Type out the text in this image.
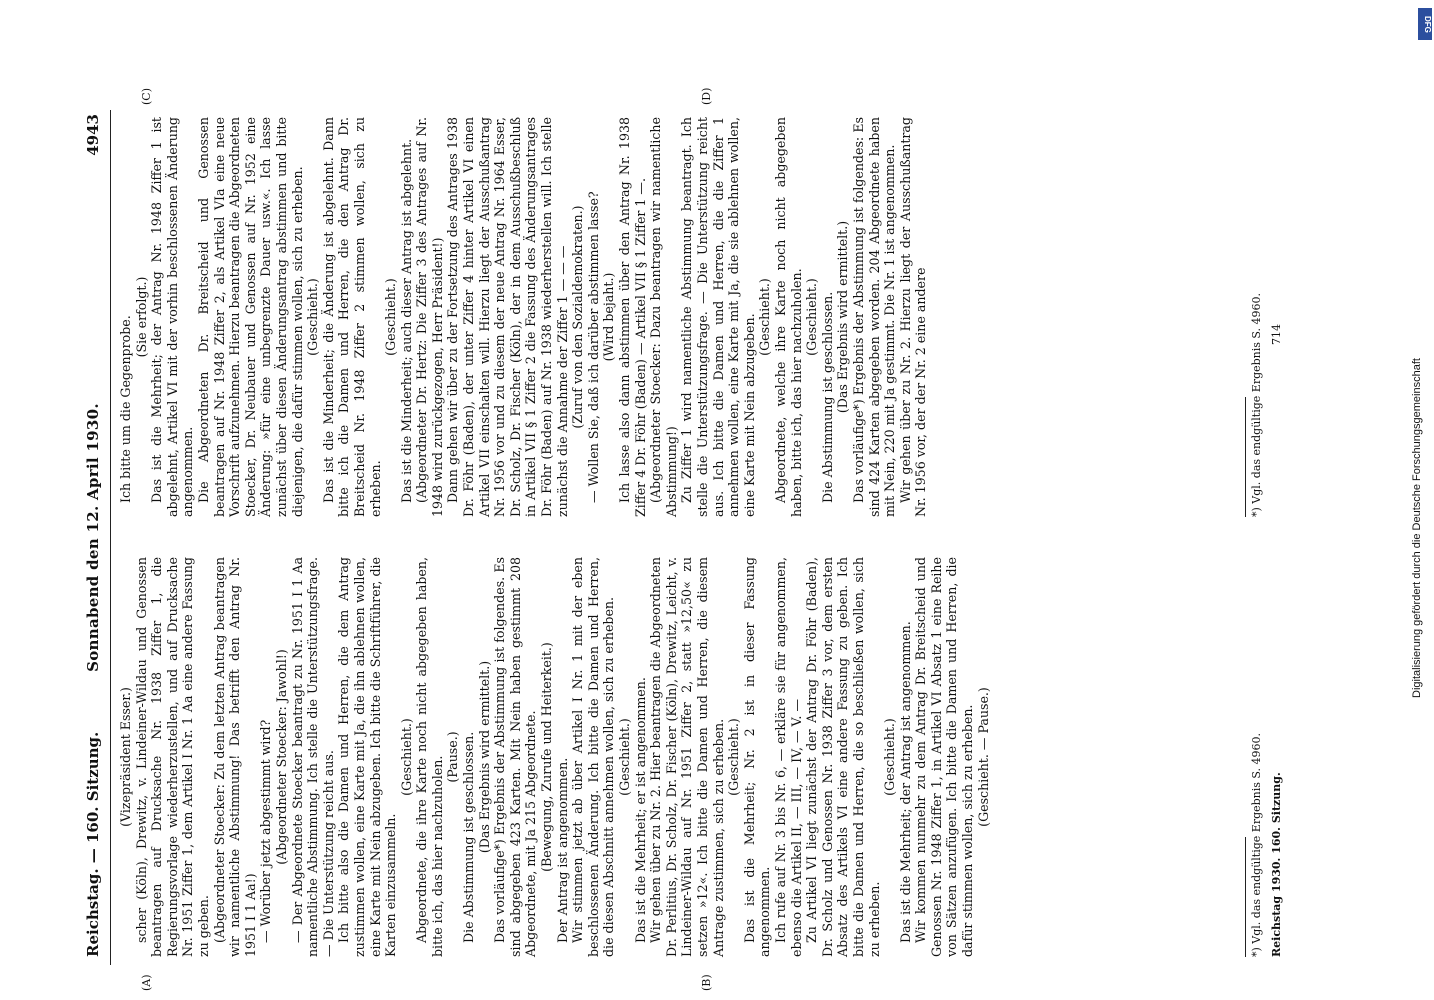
Reichstag. — 160. Sitzung.
Sonnabend den 12. April 1930.
4943
(A)	(B)
(C)	(D)

(Vizepräsident Esser.) scher (Köln), Drewitz, v. Lindeiner-Wildau und Genossen beantragen auf Drucksache Nr. 1938 Ziffer 1, die Regierungsvorlage wiederherzustellen, und auf Drucksache Nr. 1951 Ziffer 1, dem Artikel I Nr. 1 Aa eine andere Fassung zu geben. (Abgeordneter Stoecker: Zu dem letzten Antrag beantragen wir namentliche Abstimmung! Das betrifft den Antrag Nr. 1951 I 1 Aa!) — Worüber jetzt abgestimmt wird? (Abgeordneter Stoecker: Jawohl!) — Der Abgeordnete Stoecker beantragt zu Nr. 1951 I 1 Aa namentliche Abstimmung. Ich stelle die Unterstützungsfrage. — Die Unterstützung reicht aus. Ich bitte also die Damen und Herren, die dem Antrag zustimmen wollen, eine Karte mit Ja, die ihn ablehnen wollen, eine Karte mit Nein abzugeben. Ich bitte die Schriftführer, die Karten einzusammeln.

(Geschieht.) Abgeordnete, die ihre Karte noch nicht abgegeben haben, bitte ich, das hier nachzuholen. (Pause.) Die Abstimmung ist geschlossen. (Das Ergebnis wird ermittelt.) Das vorläufige*) Ergebnis der Abstimmung ist folgendes. Es sind abgegeben 423 Karten. Mit Nein haben gestimmt 208 Abgeordnete, mit Ja 215 Abgeordnete. (Bewegung, Zurufe und Heiterkeit.) Der Antrag ist angenommen. Wir stimmen jetzt ab über Artikel I Nr. 1 mit der eben beschlossenen Änderung. Ich bitte die Damen und Herren, die diesen Abschnitt annehmen wollen, sich zu erheben. (Geschieht.) Das ist die Mehrheit; er ist angenommen. Wir gehen über zu Nr. 2. Hier beantragen die Abgeordneten Dr. Perlitius, Dr. Scholz, Dr. Fischer (Köln), Drewitz, Leicht, v. Lindeiner-Wildau auf Nr. 1951 Ziffer 2, statt »12,50« zu setzen »12«. Ich bitte die Damen und Herren, die diesem Antrage zustimmen, sich zu erheben. (Geschieht.) Das ist die Mehrheit; Nr. 2 ist in dieser Fassung angenommen. Ich rufe auf Nr. 3 bis Nr. 6, — erkläre sie für angenommen, ebenso die Artikel II, — III, — IV, — V. — Zu Artikel VI liegt zunächst der Antrag Dr. Föhr (Baden), Dr. Scholz und Genossen Nr. 1938 Ziffer 3 vor, dem ersten Absatz des Artikels VI eine andere Fassung zu geben. Ich bitte die Damen und Herren, die so beschließen wollen, sich zu erheben.

(Geschieht.) Das ist die Mehrheit; der Antrag ist angenommen. Wir kommen nunmehr zu dem Antrag Dr. Breitscheid und Genossen Nr. 1948 Ziffer 1, in Artikel VI Absatz 1 eine Reihe von Sätzen anzufügen. Ich bitte die Damen und Herren, die dafür stimmen wollen, sich zu erheben. (Geschieht. — Pause.)

Ich bitte um die Gegenprobe. (Sie erfolgt.) Das ist die Mehrheit; der Antrag Nr. 1948 Ziffer 1 ist abgelehnt, Artikel VI mit der vorhin beschlossenen Änderung angenommen. Die Abgeordneten Dr. Breitscheid und Genossen beantragen auf Nr. 1948 Ziffer 2, als Artikel VIa eine neue Vorschrift aufzunehmen. Hierzu beantragen die Abgeordneten Stoecker, Dr. Neubauer und Genossen auf Nr. 1952 eine Änderung: »für eine unbegrenzte Dauer usw.«. Ich lasse zunächst über diesen Änderungsantrag abstimmen und bitte diejenigen, die dafür stimmen wollen, sich zu erheben. (Geschieht.) Das ist die Minderheit; die Änderung ist abgelehnt. Dann bitte ich die Damen und Herren, die den Antrag Dr. Breitscheid Nr. 1948 Ziffer 2 stimmen wollen, sich zu erheben.

(Geschieht.) Das ist die Minderheit; auch dieser Antrag ist abgelehnt. (Abgeordneter Dr. Hertz: Die Ziffer 3 des Antrages auf Nr. 1948 wird zurückgezogen, Herr Präsident!) Dann gehen wir über zu der Fortsetzung des Antrages 1938 Dr. Föhr (Baden), der unter Ziffer 4 hinter Artikel VI einen Artikel VII einschalten will. Hierzu liegt der Ausschußantrag Nr. 1956 vor und zu diesem der neue Antrag Nr. 1964 Esser, Dr. Scholz, Dr. Fischer (Köln), der in dem Ausschußbeschluß in Artikel VII § 1 Ziffer 2 die Fassung des Änderungsantrages Dr. Föhr (Baden) auf Nr. 1938 wiederherstellen will. Ich stelle zunächst die Annahme der Ziffer 1 — — — (Zuruf von den Sozialdemokraten.) — Wollen Sie, daß ich darüber abstimmen lasse? (Wird bejaht.) Ich lasse also dann abstimmen über den Antrag Nr. 1938 Ziffer 4 Dr. Föhr (Baden) — Artikel VII § 1 Ziffer 1 —. (Abgeordneter Stoecker: Dazu beantragen wir namentliche Abstimmung!) Zu Ziffer 1 wird namentliche Abstimmung beantragt. Ich stelle die Unterstützungsfrage. — Die Unterstützung reicht aus. Ich bitte die Damen und Herren, die die Ziffer 1 annehmen wollen, eine Karte mit Ja, die sie ablehnen wollen, eine Karte mit Nein abzugeben. (Geschieht.) Abgeordnete, welche ihre Karte noch nicht abgegeben haben, bitte ich, das hier nachzuholen. (Geschieht.) Die Abstimmung ist geschlossen. (Das Ergebnis wird ermittelt.) Das vorläufige*) Ergebnis der Abstimmung ist folgendes: Es sind 424 Karten abgegeben worden. 204 Abgeordnete haben mit Nein, 220 mit Ja gestimmt. Die Nr. 1 ist angenommen. Wir gehen über zu Nr. 2. Hierzu liegt der Ausschußantrag Nr. 1956 vor, der der Nr. 2 eine andere

*) Vgl. das endgültige Ergebnis S. 4960. Reichstag 1930. 160. Sitzung.
*) Vgl. das endgültige Ergebnis S. 4960. 714
Digitalisierung gefördert durch die Deutsche Forschungsgemeinschaft
DFG
